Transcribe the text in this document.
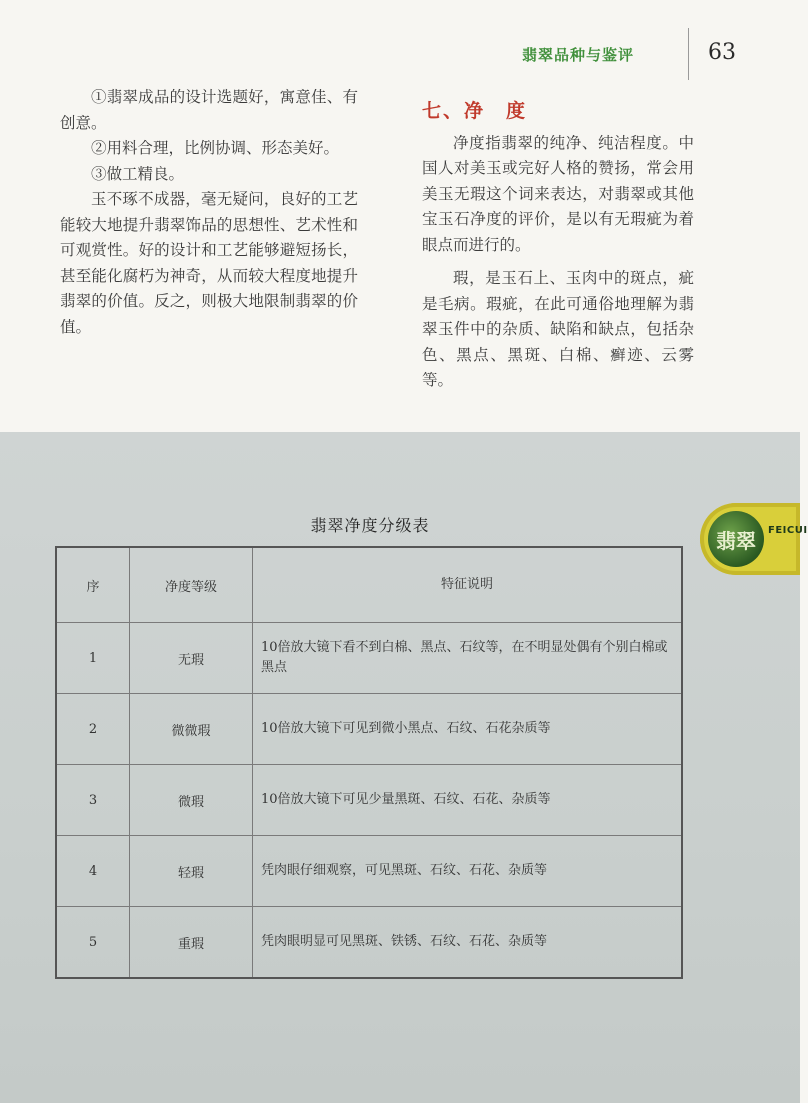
翡翠品种与鉴评	63

①翡翠成品的设计选题好，寓意佳、有创意。

②用料合理，比例协调、形态美好。

③做工精良。

玉不琢不成器，毫无疑问，良好的工艺能较大地提升翡翠饰品的思想性、艺术性和可观赏性。好的设计和工艺能够避短扬长，甚至能化腐朽为神奇，从而较大程度地提升翡翠的价值。反之，则极大地限制翡翠的价值。

七、净　度

净度指翡翠的纯净、纯洁程度。中国人对美玉或完好人格的赞扬，常会用美玉无瑕这个词来表达，对翡翠或其他宝玉石净度的评价，是以有无瑕疵为着眼点而进行的。

瑕，是玉石上、玉肉中的斑点，疵是毛病。瑕疵，在此可通俗地理解为翡翠玉件中的杂质、缺陷和缺点，包括杂色、黑点、黑斑、白棉、癣迹、云雾等。

翡翠 FEICUI
翡翠净度分级表
序	净度等级	特征说明
1	无瑕	10倍放大镜下看不到白棉、黑点、石纹等，在不明显处偶有个别白棉或黑点
2	微微瑕	10倍放大镜下可见到微小黑点、石纹、石花杂质等
3	微瑕	10倍放大镜下可见少量黑斑、石纹、石花、杂质等
4	轻瑕	凭肉眼仔细观察，可见黑斑、石纹、石花、杂质等
5	重瑕	凭肉眼明显可见黑斑、铁锈、石纹、石花、杂质等
